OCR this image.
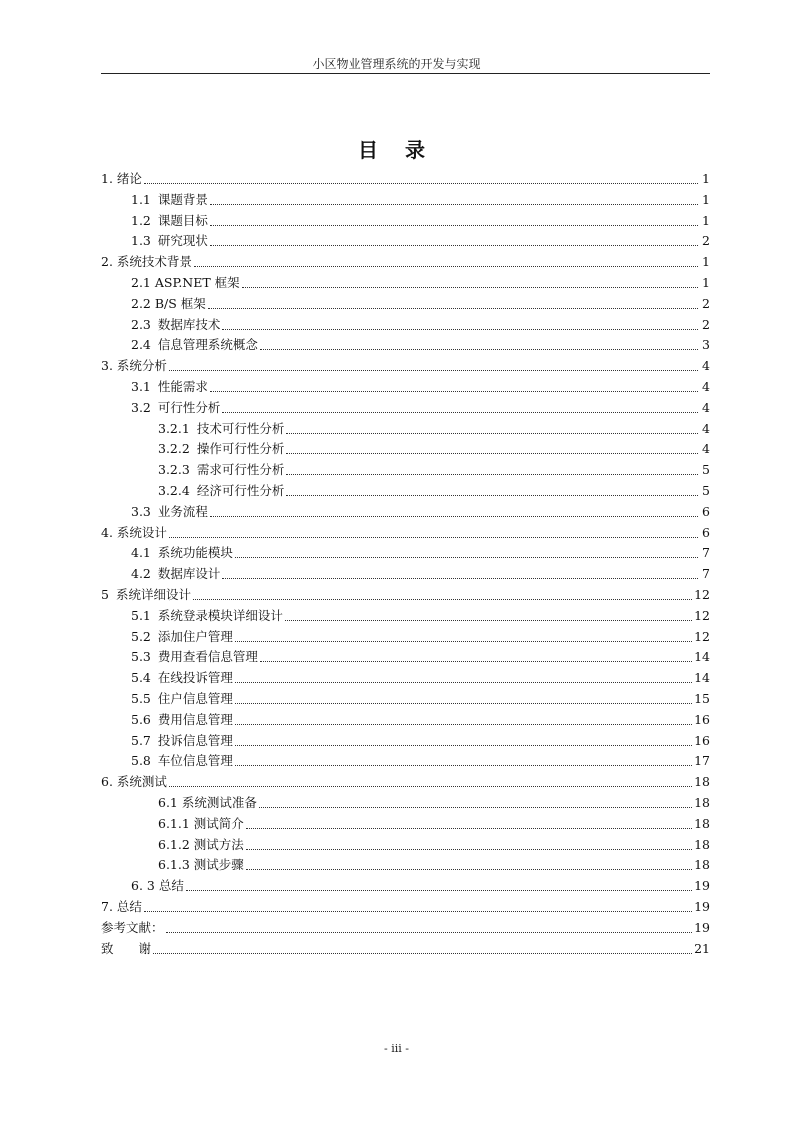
小区物业管理系统的开发与实现
目 录
1. 绪论	1
1.1 课题背景	1
1.2 课题目标	1
1.3 研究现状	2
2. 系统技术背景	1
2.1 ASP.NET 框架	1
2.2 B/S 框架	2
2.3 数据库技术	2
2.4 信息管理系统概念	3
3. 系统分析	4
3.1 性能需求	4
3.2 可行性分析	4
3.2.1 技术可行性分析	4
3.2.2 操作可行性分析	4
3.2.3 需求可行性分析	5
3.2.4 经济可行性分析	5
3.3 业务流程	6
4. 系统设计	6
4.1 系统功能模块	7
4.2 数据库设计	7
5 系统详细设计	12
5.1 系统登录模块详细设计	12
5.2 添加住户管理	12
5.3 费用查看信息管理	14
5.4 在线投诉管理	14
5.5 住户信息管理	15
5.6 费用信息管理	16
5.7 投诉信息管理	16
5.8 车位信息管理	17
6. 系统测试	18
6.1 系统测试准备	18
6.1.1 测试简介	18
6.1.2 测试方法	18
6.1.3 测试步骤	18
6. 3 总结	19
7. 总结	19
参考文献：	19
致　　谢	21
- iii -
